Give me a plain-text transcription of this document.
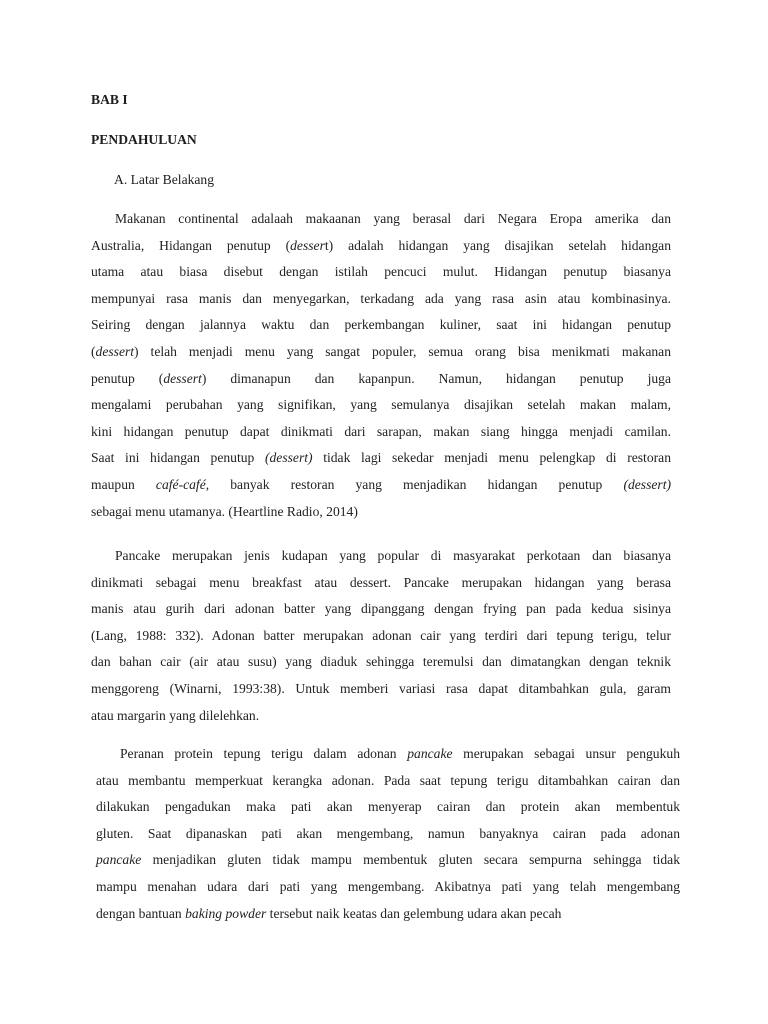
BAB I
PENDAHULUAN
A. Latar Belakang
Makanan continental adalaah makaanan yang berasal dari Negara Eropa amerika dan
Australia, Hidangan penutup (dessert) adalah hidangan yang disajikan setelah hidangan
utama atau biasa disebut dengan istilah pencuci mulut. Hidangan penutup biasanya
mempunyai rasa manis dan menyegarkan, terkadang ada yang rasa asin atau kombinasinya.
Seiring dengan jalannya waktu dan perkembangan kuliner, saat ini hidangan penutup
(dessert) telah menjadi menu yang sangat populer, semua orang bisa menikmati makanan
penutup (dessert) dimanapun dan kapanpun. Namun, hidangan penutup juga
mengalami perubahan yang signifikan, yang semulanya disajikan setelah makan malam,
kini hidangan penutup dapat dinikmati dari sarapan, makan siang hingga menjadi camilan.
Saat ini hidangan penutup (dessert) tidak lagi sekedar menjadi menu pelengkap di restoran
maupun café-café, banyak restoran yang menjadikan hidangan penutup (dessert)
sebagai menu utamanya. (Heartline Radio, 2014)
Pancake merupakan jenis kudapan yang popular di masyarakat perkotaan dan biasanya
dinikmati sebagai menu breakfast atau dessert. Pancake merupakan hidangan yang berasa
manis atau gurih dari adonan batter yang dipanggang dengan frying pan pada kedua sisinya
(Lang, 1988: 332). Adonan batter merupakan adonan cair yang terdiri dari tepung terigu, telur
dan bahan cair (air atau susu) yang diaduk sehingga teremulsi dan dimatangkan dengan teknik
menggoreng (Winarni, 1993:38). Untuk memberi variasi rasa dapat ditambahkan gula, garam
atau margarin yang dilelehkan.
Peranan protein tepung terigu dalam adonan pancake merupakan sebagai unsur pengukuh
atau membantu memperkuat kerangka adonan. Pada saat tepung terigu ditambahkan cairan dan
dilakukan pengadukan maka pati akan menyerap cairan dan protein akan membentuk
gluten. Saat dipanaskan pati akan mengembang, namun banyaknya cairan pada adonan
pancake menjadikan gluten tidak mampu membentuk gluten secara sempurna sehingga tidak
mampu menahan udara dari pati yang mengembang. Akibatnya pati yang telah mengembang
dengan bantuan baking powder tersebut naik keatas dan gelembung udara akan pecah
